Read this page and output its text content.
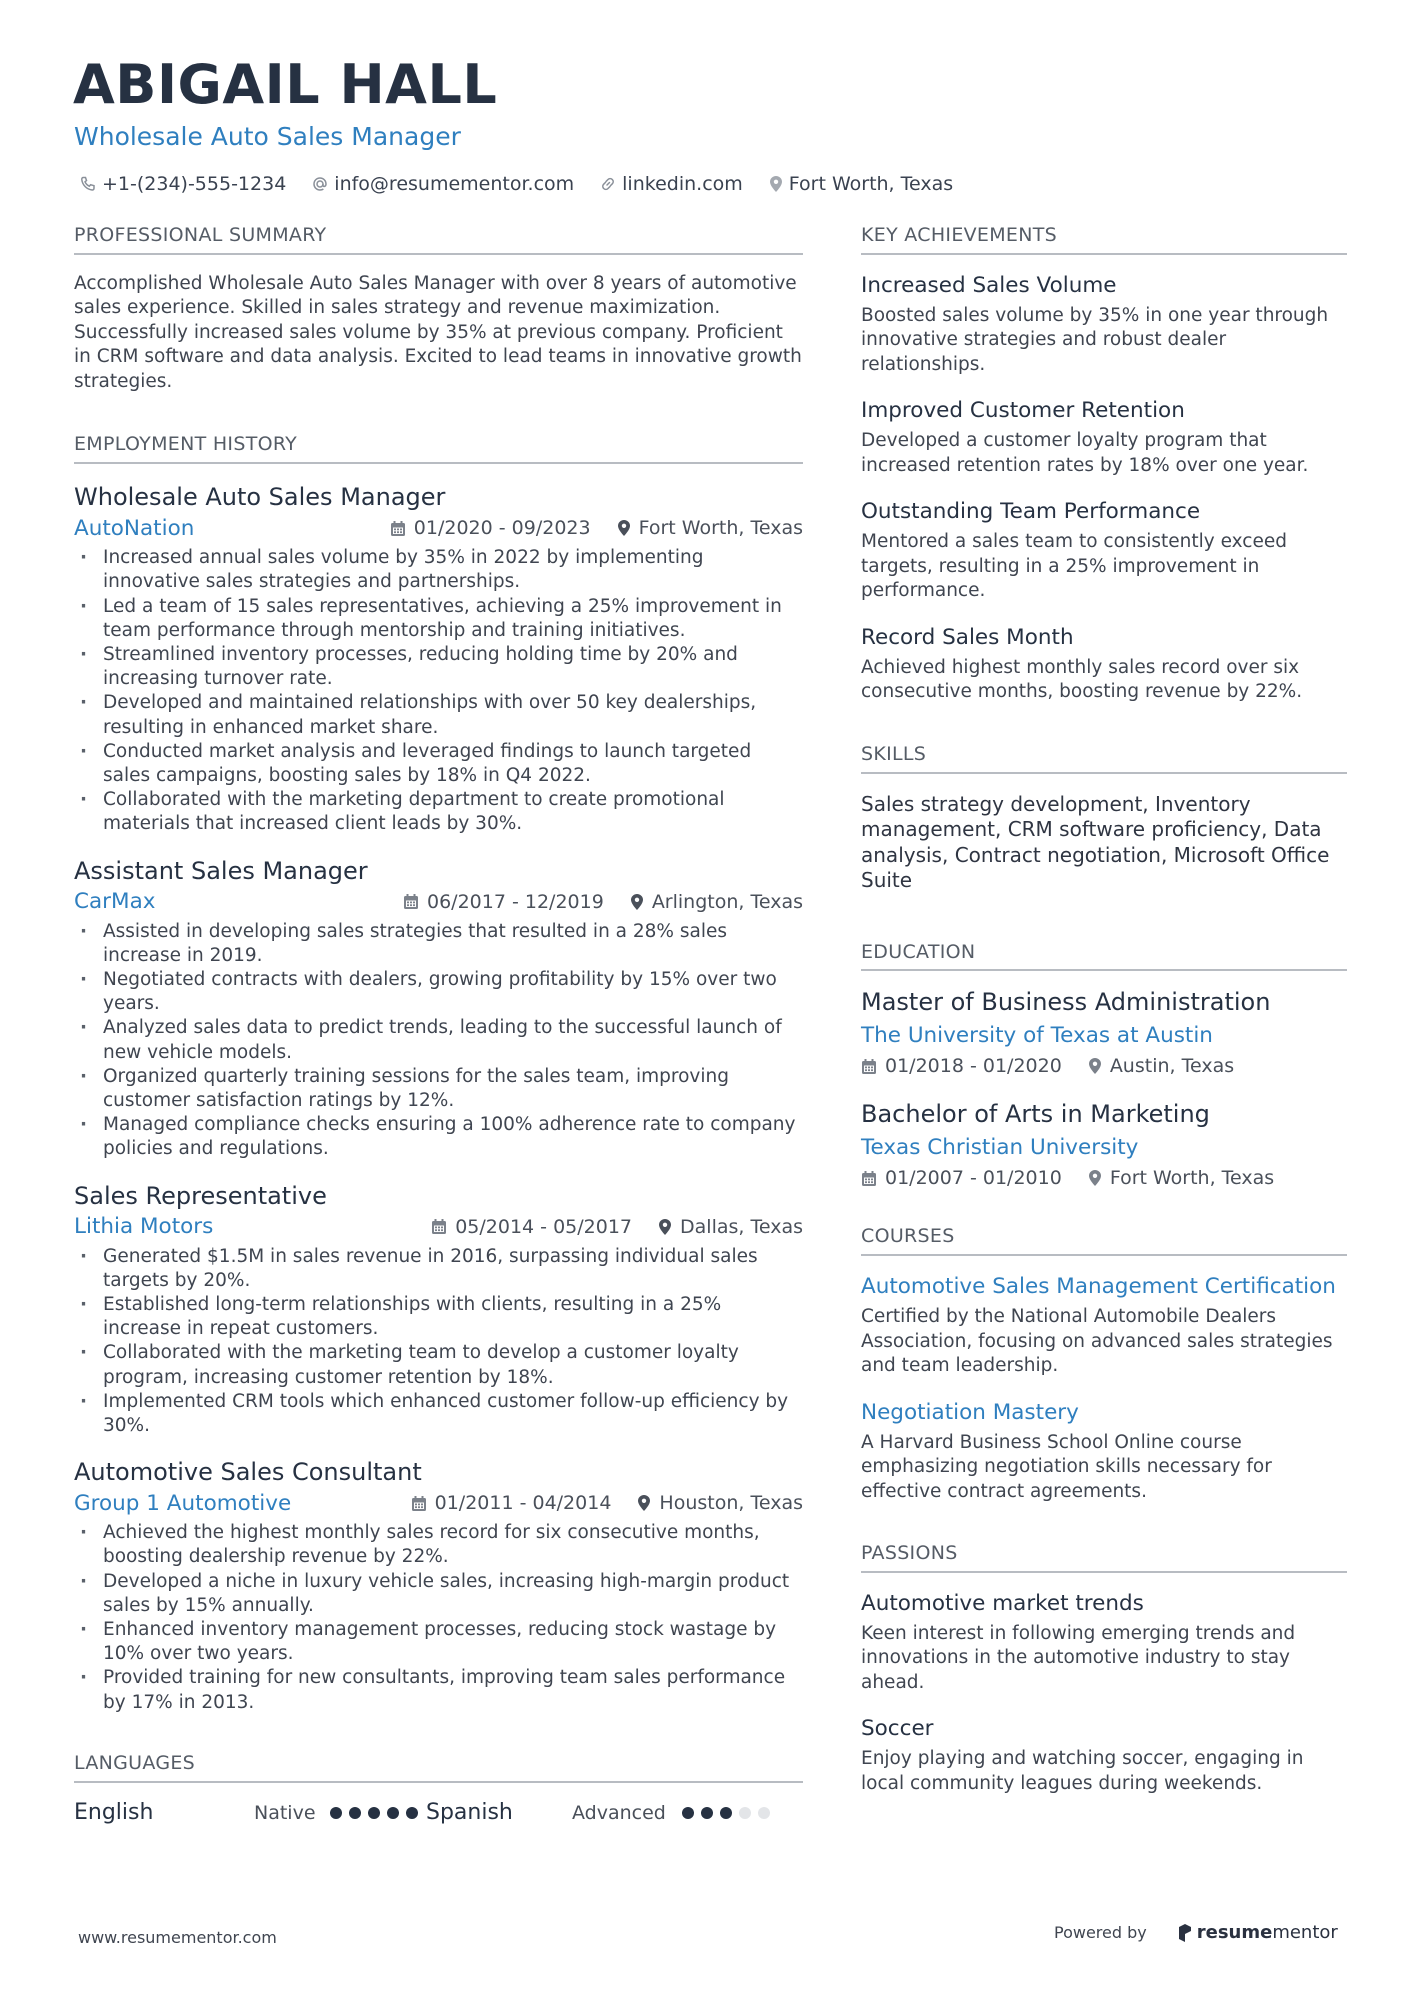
ABIGAIL HALL
Wholesale Auto Sales Manager
+1-(234)-555-1234	info@resumementor.com	linkedin.com Fort Worth, Texas
PROFESSIONAL SUMMARY

Accomplished Wholesale Auto Sales Manager with over 8 years of automotive sales experience. Skilled in sales strategy and revenue maximization. Successfully increased sales volume by 35% at previous company. Proficient in CRM software and data analysis. Excited to lead teams in innovative growth strategies.

EMPLOYMENT HISTORY
Wholesale Auto Sales Manager
AutoNation	01/2020 - 09/2023	Fort Worth, Texas
· Increased annual sales volume by 35% in 2022 by implementing innovative sales strategies and partnerships.
· Led a team of 15 sales representatives, achieving a 25% improvement in team performance through mentorship and training initiatives.
· Streamlined inventory processes, reducing holding time by 20% and increasing turnover rate.
· Developed and maintained relationships with over 50 key dealerships, resulting in enhanced market share.
· Conducted market analysis and leveraged findings to launch targeted sales campaigns, boosting sales by 18% in Q4 2022.
· Collaborated with the marketing department to create promotional materials that increased client leads by 30%.
Assistant Sales Manager
CarMax	06/2017 - 12/2019	Arlington, Texas
· Assisted in developing sales strategies that resulted in a 28% sales increase in 2019.
· Negotiated contracts with dealers, growing profitability by 15% over two years.
· Analyzed sales data to predict trends, leading to the successful launch of new vehicle models.
· Organized quarterly training sessions for the sales team, improving customer satisfaction ratings by 12%.
· Managed compliance checks ensuring a 100% adherence rate to company policies and regulations.
Sales Representative
Lithia Motors	05/2014 - 05/2017	Dallas, Texas
· Generated $1.5M in sales revenue in 2016, surpassing individual sales targets by 20%.
· Established long-term relationships with clients, resulting in a 25% increase in repeat customers.
· Collaborated with the marketing team to develop a customer loyalty program, increasing customer retention by 18%.
· Implemented CRM tools which enhanced customer follow-up efficiency by 30%.
Automotive Sales Consultant
Group 1 Automotive	01/2011 - 04/2014	Houston, Texas
· Achieved the highest monthly sales record for six consecutive months, boosting dealership revenue by 22%.
· Developed a niche in luxury vehicle sales, increasing high-margin product sales by 15% annually.
· Enhanced inventory management processes, reducing stock wastage by 10% over two years.
· Provided training for new consultants, improving team sales performance by 17% in 2013.
LANGUAGES
English	Native	Spanish	Advanced
KEY ACHIEVEMENTS
Increased Sales Volume
Boosted sales volume by 35% in one year through innovative strategies and robust dealer relationships.
Improved Customer Retention
Developed a customer loyalty program that increased retention rates by 18% over one year.
Outstanding Team Performance
Mentored a sales team to consistently exceed targets, resulting in a 25% improvement in performance.
Record Sales Month
Achieved highest monthly sales record over six consecutive months, boosting revenue by 22%.
SKILLS

Sales strategy development, Inventory management, CRM software proficiency, Data analysis, Contract negotiation, Microsoft Office Suite

EDUCATION
Master of Business Administration
The University of Texas at Austin
01/2018 - 01/2020	Austin, Texas
Bachelor of Arts in Marketing
Texas Christian University
01/2007 - 01/2010	Fort Worth, Texas
COURSES
Automotive Sales Management Certification
Certified by the National Automobile Dealers Association, focusing on advanced sales strategies and team leadership.
Negotiation Mastery
A Harvard Business School Online course emphasizing negotiation skills necessary for effective contract agreements.
PASSIONS
Automotive market trends
Keen interest in following emerging trends and innovations in the automotive industry to stay ahead.
Soccer
Enjoy playing and watching soccer, engaging in local community leagues during weekends.
www.resumementor.com	Powered by	resume mentor
